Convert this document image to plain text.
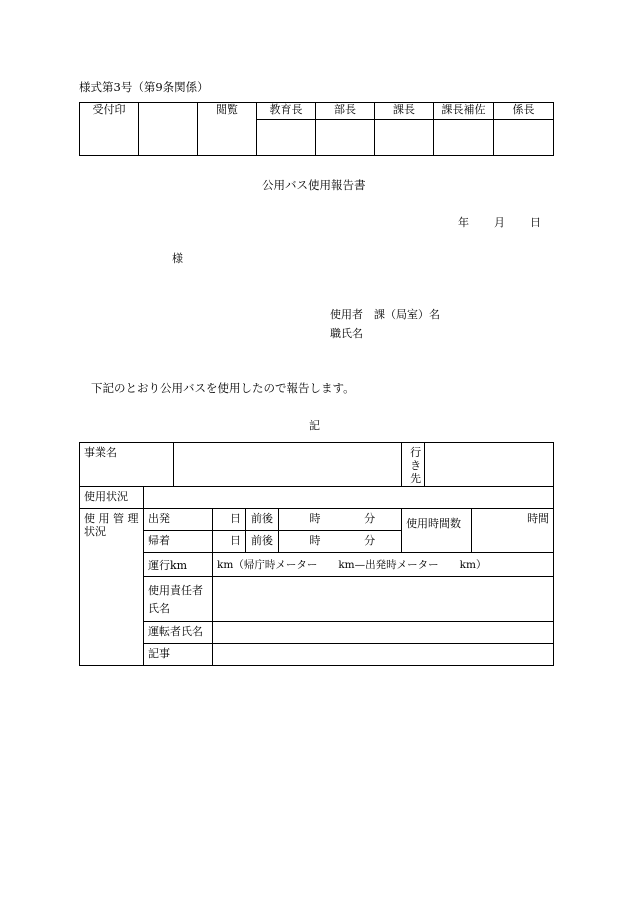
様式第3号（第9条関係）
受付印		閲覧	教育長	部長	課長	課長補佐	係長

公用バス使用報告書
年 月 日
様
使用者　課（局室）名
職氏名
下記のとおり公用バスを使用したので報告します。
記
事業名							行き先		
使用状況									
使 用 管 理 状況	出発		日	前後	時	分	使用時間数		時間
	帰着		日	前後	時	分			
	運行km		km（帰庁時メーター　　km—出発時メーター　　km）						
	使用責任者氏名								
	運転者氏名								
	記事								
